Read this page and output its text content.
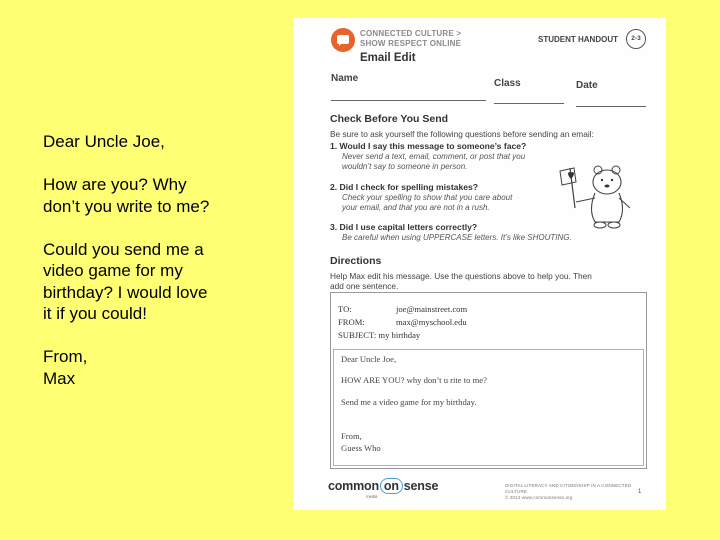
Dear Uncle Joe,

How are you? Why
don’t you write to me?

Could you send me a
video game for my
birthday? I would love
it if you could!

From,
Max

CONNECTED CULTURE >
SHOW RESPECT ONLINE
Email Edit
STUDENT HANDOUT	2-3
Name	Class	Date
Check Before You Send
Be sure to ask yourself the following questions before sending an email:
1. Would I say this message to someone’s face?
Never send a text, email, comment, or post that you
wouldn’t say to someone in person.
2. Did I check for spelling mistakes?
Check your spelling to show that you care about
your email, and that you are not in a rush.
3. Did I use capital letters correctly?
Be careful when using UPPERCASE letters. It’s like SHOUTING.
Directions
Help Max edit his message. Use the questions above to help you. Then
add one sentence.
TO:	joe@mainstreet.com
FROM:	max@myschool.edu
SUBJECT: my birthday
Dear Uncle Joe,
HOW ARE YOU? why don’t u rite to me?
Send me a video game for my birthday.
From,
Guess Who
common on sense
media
DIGITAL LITERACY AND CITIZENSHIP IN A CONNECTED CULTURE
© 2012 www.commonsense.org
1
